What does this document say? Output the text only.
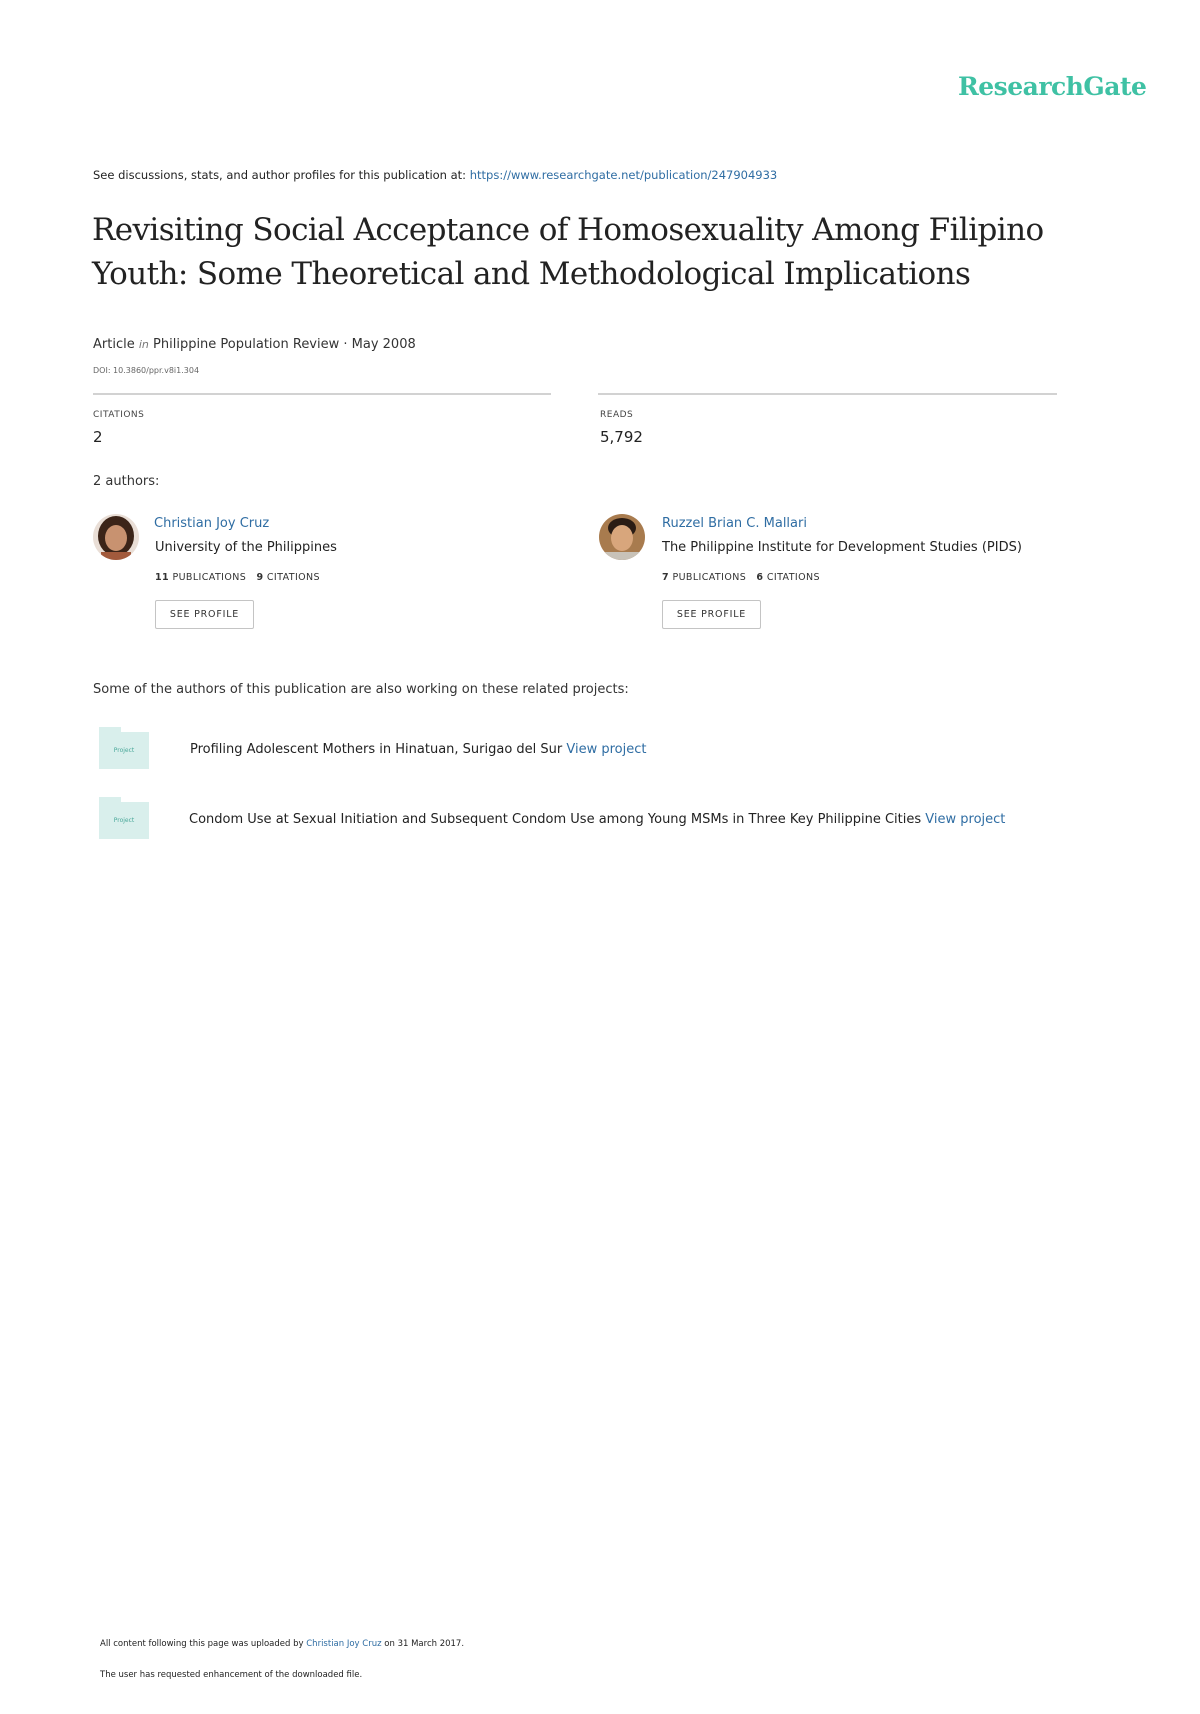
ResearchGate
See discussions, stats, and author profiles for this publication at: https://www.researchgate.net/publication/247904933
Revisiting Social Acceptance of Homosexuality Among Filipino Youth: Some Theoretical and Methodological Implications
Article in Philippine Population Review · May 2008
DOI: 10.3860/ppr.v8i1.304
CITATIONS
2
READS
5,792
2 authors:
Christian Joy Cruz
University of the Philippines
11 PUBLICATIONS 9 CITATIONS
SEE PROFILE
Ruzzel Brian C. Mallari
The Philippine Institute for Development Studies (PIDS)
7 PUBLICATIONS 6 CITATIONS
SEE PROFILE
Some of the authors of this publication are also working on these related projects:
Project	Profiling Adolescent Mothers in Hinatuan, Surigao del Sur View project
Project	Condom Use at Sexual Initiation and Subsequent Condom Use among Young MSMs in Three Key Philippine Cities View project
All content following this page was uploaded by Christian Joy Cruz on 31 March 2017.
The user has requested enhancement of the downloaded file.
